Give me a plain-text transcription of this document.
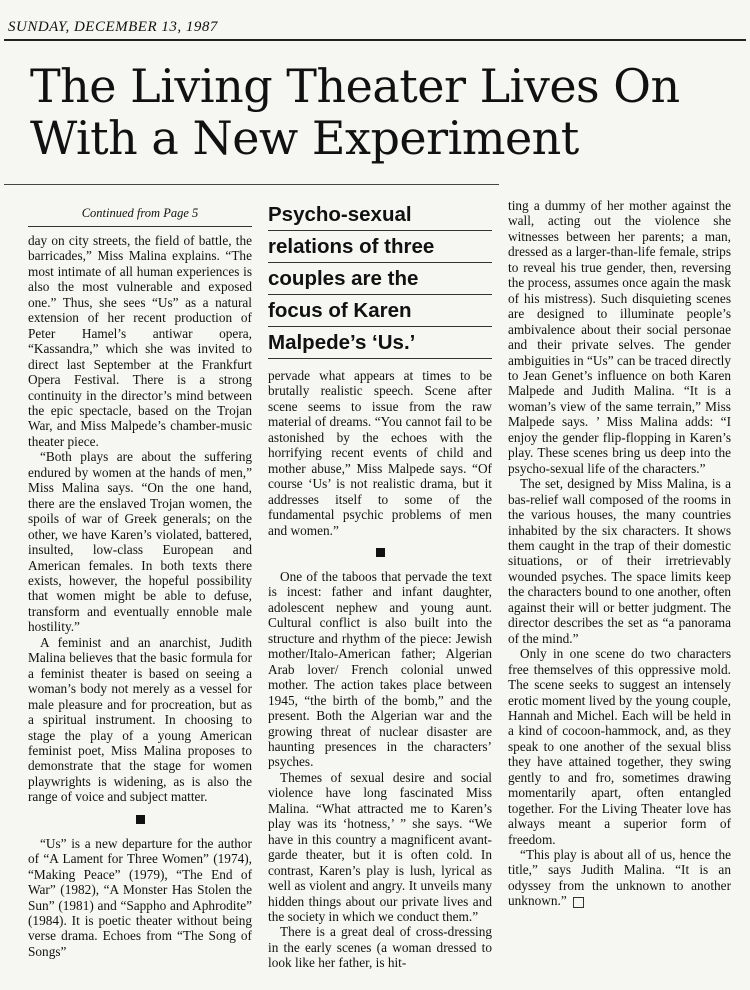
SUNDAY, DECEMBER 13, 1987
The Living Theater Lives On
With a New Experiment
Continued from Page 5	Psycho-sexual
relations of three
couples are the
focus of Karen
Malpede’s ‘Us.’

day on city streets, the field of battle, the barricades,” Miss Malina explains. “The most intimate of all human experiences is also the most vulnerable and exposed one.” Thus, she sees “Us” as a natural extension of her recent production of Peter Hamel’s antiwar opera, “Kassandra,” which she was invited to direct last September at the Frankfurt Opera Festival. There is a strong continuity in the director’s mind between the epic spectacle, based on the Trojan War, and Miss Malpede’s chamber-music theater piece.

“Both plays are about the suffering endured by women at the hands of men,” Miss Malina says. “On the one hand, there are the enslaved Trojan women, the spoils of war of Greek generals; on the other, we have Karen’s violated, battered, insulted, low-class European and American females. In both texts there exists, however, the hopeful possibility that women might be able to defuse, transform and eventually ennoble male hostility.”

A feminist and an anarchist, Judith Malina believes that the basic formula for a feminist theater is based on seeing a woman’s body not merely as a vessel for male pleasure and for procreation, but as a spiritual instrument. In choosing to stage the play of a young American feminist poet, Miss Malina proposes to demonstrate that the stage for women playwrights is widening, as is also the range of voice and subject matter.

“Us” is a new departure for the author of “A Lament for Three Women” (1974), “Making Peace” (1979), “The End of War” (1982), “A Monster Has Stolen the Sun” (1981) and “Sappho and Aphrodite” (1984). It is poetic theater without being verse drama. Echoes from “The Song of Songs”

pervade what appears at times to be brutally realistic speech. Scene after scene seems to issue from the raw material of dreams. “You cannot fail to be astonished by the echoes with the horrifying recent events of child and mother abuse,” Miss Malpede says. “Of course ‘Us’ is not realistic drama, but it addresses itself to some of the fundamental psychic problems of men and women.”

One of the taboos that pervade the text is incest: father and infant daughter, adolescent nephew and young aunt. Cultural conflict is also built into the structure and rhythm of the piece: Jewish mother/Italo-American father; Algerian Arab lover/ French colonial unwed mother. The action takes place between 1945, “the birth of the bomb,” and the present. Both the Algerian war and the growing threat of nuclear disaster are haunting presences in the characters’ psyches.

Themes of sexual desire and social violence have long fascinated Miss Malina. “What attracted me to Karen’s play was its ‘hotness,’ ” she says. “We have in this country a magnificent avant-garde theater, but it is often cold. In contrast, Karen’s play is lush, lyrical as well as violent and angry. It unveils many hidden things about our private lives and the society in which we conduct them.”

There is a great deal of cross-dressing in the early scenes (a woman dressed to look like her father, is hit-

ting a dummy of her mother against the wall, acting out the violence she witnesses between her parents; a man, dressed as a larger-than-life female, strips to reveal his true gender, then, reversing the process, assumes once again the mask of his mistress). Such disquieting scenes are designed to illuminate people’s ambivalence about their social personae and their private selves. The gender ambiguities in “Us” can be traced directly to Jean Genet’s influence on both Karen Malpede and Judith Malina. “It is a woman’s view of the same terrain,” Miss Malpede says. ’ Miss Malina adds: “I enjoy the gender flip-flopping in Karen’s play. These scenes bring us deep into the psycho-sexual life of the characters.”

The set, designed by Miss Malina, is a bas-relief wall composed of the rooms in the various houses, the many countries inhabited by the six characters. It shows them caught in the trap of their domestic situations, or of their irretrievably wounded psyches. The space limits keep the characters bound to one another, often against their will or better judgment. The director describes the set as “a panorama of the mind.”

Only in one scene do two characters free themselves of this oppressive mold. The scene seeks to suggest an intensely erotic moment lived by the young couple, Hannah and Michel. Each will be held in a kind of cocoon-hammock, and, as they speak to one another of the sexual bliss they have attained together, they swing gently to and fro, sometimes drawing momentarily apart, often entangled together. For the Living Theater love has always meant a superior form of freedom.

“This play is about all of us, hence the title,” says Judith Malina. “It is an odyssey from the unknown to another unknown.”
